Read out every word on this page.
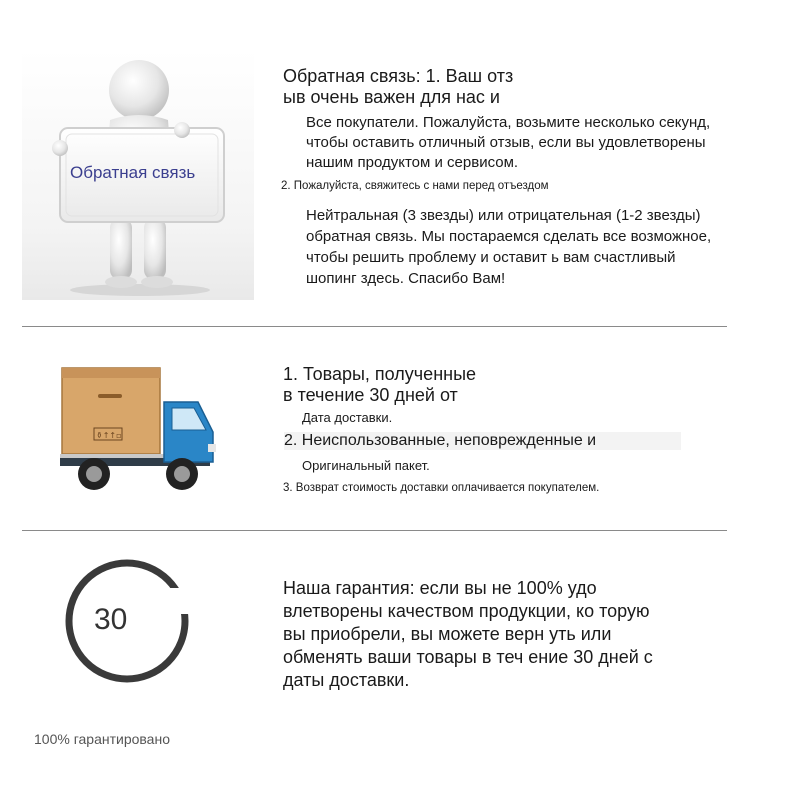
Обратная связь
Обратная связь: 1. Ваш отз
ыв очень важен для нас и
Все покупатели. Пожалуйста, возьмите несколько секунд, чтобы оставить отличный отзыв, если вы удовлетворены нашим продуктом и сервисом.
2. Пожалуйста, свяжитесь с нами перед отъездом
Нейтральная (3 звезды) или отрицательная (1-2 звезды) обратная связь. Мы постараемся сделать все возможное, чтобы решить проблему и оставит ь вам счастливый шопинг здесь. Спасибо Вам!
⚱↑↑▫
1. Товары, полученные
в течение 30 дней от
Дата доставки.
2. Неиспользованные, неповрежденные и
Оригинальный пакет.
3. Возврат стоимость доставки оплачивается покупателем.
30
Наша гарантия: если вы не 100% удо влетворены качеством продукции, ко торую вы приобрели, вы можете верн уть или обменять ваши товары в теч ение 30 дней с даты доставки.
100% гарантировано
